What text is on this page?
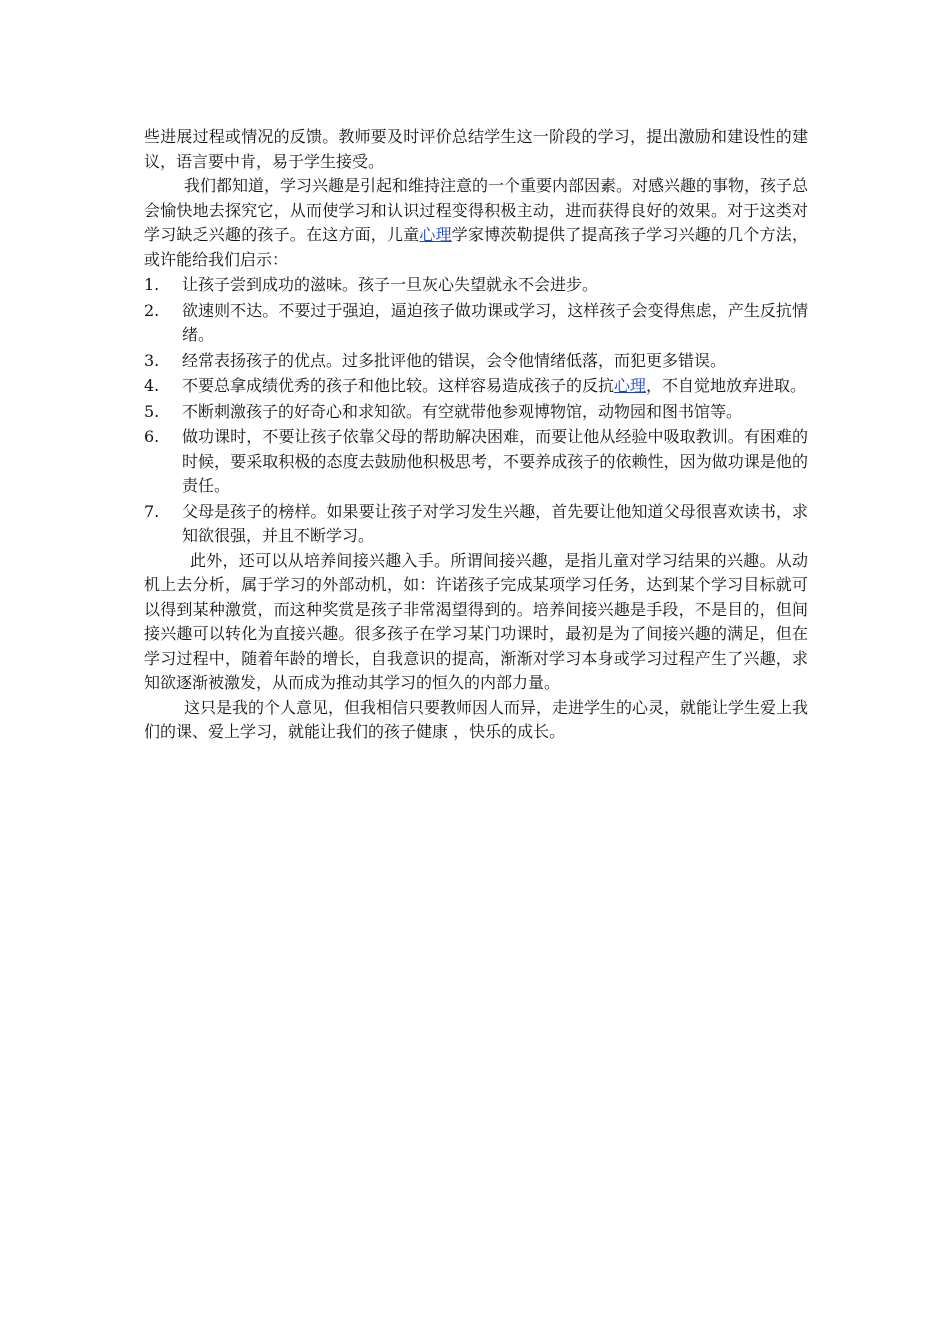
些进展过程或情况的反馈。教师要及时评价总结学生这一阶段的学习，提出激励和建设性的建议，语言要中肯，易于学生接受。

我们都知道，学习兴趣是引起和维持注意的一个重要内部因素。对感兴趣的事物，孩子总会愉快地去探究它，从而使学习和认识过程变得积极主动，进而获得良好的效果。对于这类对学习缺乏兴趣的孩子。在这方面，儿童心理学家博茨勒提供了提高孩子学习兴趣的几个方法，或许能给我们启示：

1.	让孩子尝到成功的滋味。孩子一旦灰心失望就永不会进步。
2.	欲速则不达。不要过于强迫，逼迫孩子做功课或学习，这样孩子会变得焦虑，产生反抗情绪。
3.	经常表扬孩子的优点。过多批评他的错误，会令他情绪低落，而犯更多错误。
4.	不要总拿成绩优秀的孩子和他比较。这样容易造成孩子的反抗心理，不自觉地放弃进取。
5.	不断刺激孩子的好奇心和求知欲。有空就带他参观博物馆，动物园和图书馆等。
6.	做功课时，不要让孩子依靠父母的帮助解决困难，而要让他从经验中吸取教训。有困难的时候，要采取积极的态度去鼓励他积极思考，不要养成孩子的依赖性，因为做功课是他的责任。
7.	父母是孩子的榜样。如果要让孩子对学习发生兴趣，首先要让他知道父母很喜欢读书，求知欲很强，并且不断学习。

此外，还可以从培养间接兴趣入手。所谓间接兴趣，是指儿童对学习结果的兴趣。从动机上去分析，属于学习的外部动机，如：许诺孩子完成某项学习任务，达到某个学习目标就可以得到某种激赏，而这种奖赏是孩子非常渴望得到的。培养间接兴趣是手段，不是目的，但间接兴趣可以转化为直接兴趣。很多孩子在学习某门功课时，最初是为了间接兴趣的满足，但在学习过程中，随着年龄的增长，自我意识的提高，渐渐对学习本身或学习过程产生了兴趣，求知欲逐渐被激发，从而成为推动其学习的恒久的内部力量。

这只是我的个人意见，但我相信只要教师因人而异，走进学生的心灵，就能让学生爱上我们的课、爱上学习，就能让我们的孩子健康 ，快乐的成长。
